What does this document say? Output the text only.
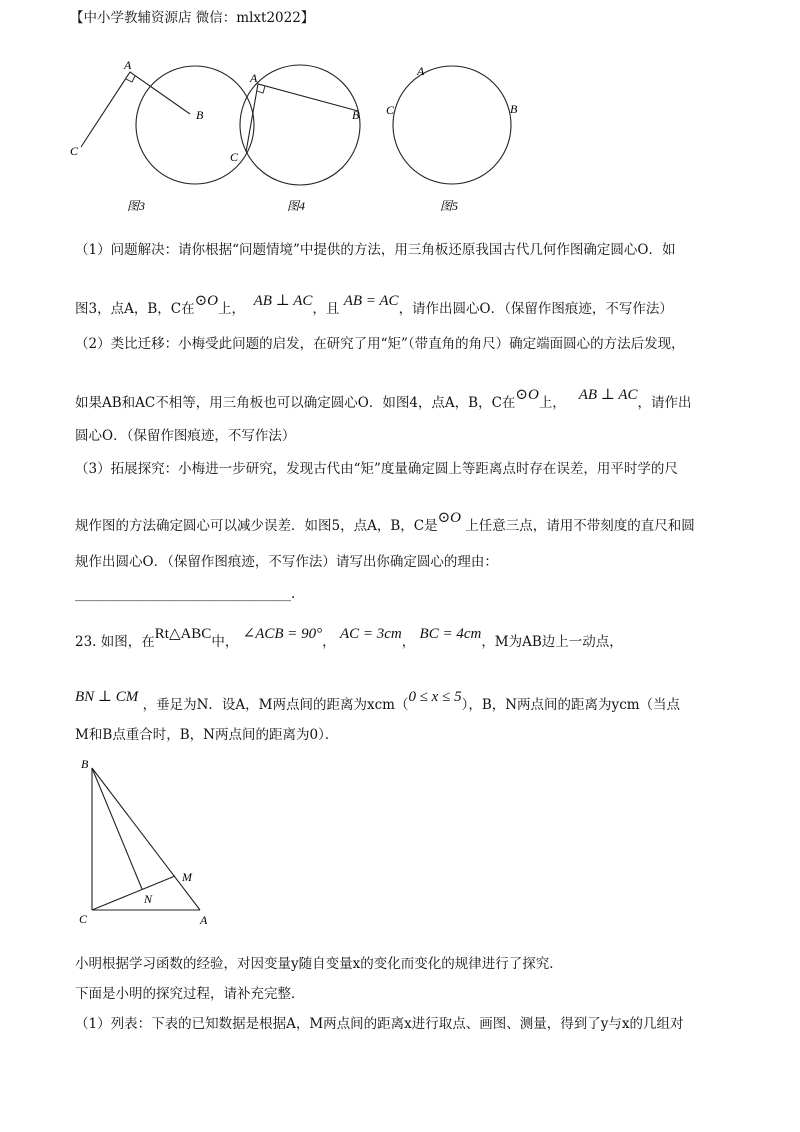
【中小学教辅资源店 微信：mlxt2022】
A
B
C
图3
A
B
C
图4
A
B
C
图5
（1）问题解决：请你根据“问题情境”中提供的方法，用三角板还原我国古代几何作图确定圆心O．如
图3，点A，B，C在⊙O上， AB ⊥ AC，且 AB = AC，请作出圆心O．（保留作图痕迹，不写作法）
（2）类比迁移：小梅受此问题的启发，在研究了用“矩”（带直角的角尺）确定端面圆心的方法后发现，
如果AB和AC不相等，用三角板也可以确定圆心O．如图4，点A，B，C在⊙O上， AB ⊥ AC，请作出
圆心O．（保留作图痕迹，不写作法）
（3）拓展探究：小梅进一步研究，发现古代由“矩”度量确定圆上等距离点时存在误差，用平时学的尺
规作图的方法确定圆心可以减少误差．如图5，点A，B，C是⊙O 上任意三点，请用不带刻度的直尺和圆
规作出圆心O．（保留作图痕迹，不写作法）请写出你确定圆心的理由：
________________________________.
23. 如图，在Rt△ABC中， ∠ACB = 90°， AC = 3cm， BC = 4cm，M为AB边上一动点，
BN ⊥ CM ，垂足为N．设A，M两点间的距离为xcm（0 ≤ x ≤ 5），B，N两点间的距离为ycm（当点
M和B点重合时，B，N两点间的距离为0）．
B
C	A
M
N
小明根据学习函数的经验，对因变量y随自变量x的变化而变化的规律进行了探究．
下面是小明的探究过程，请补充完整．
（1）列表：下表的已知数据是根据A，M两点间的距离x进行取点、画图、测量，得到了y与x的几组对
